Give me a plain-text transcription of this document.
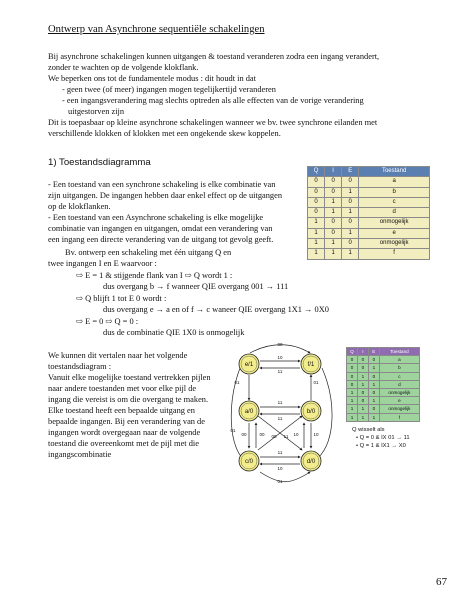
Ontwerp van Asynchrone sequentiële schakelingen
Bij asynchrone schakelingen kunnen uitgangen & toestand veranderen zodra een ingang verandert,
zonder te wachten op de volgende klokflank.
We beperken ons tot de fundamentele modus : dit houdt in dat
- geen twee (of meer) ingangen mogen tegelijkertijd veranderen
- een ingangsverandering mag slechts optreden als alle effecten van de vorige verandering
uitgestorven zijn
Dit is toepasbaar op kleine asynchrone schakelingen wanneer we bv. twee synchrone eilanden met
verschillende klokken of klokken met een ongekende skew koppelen.
1) Toestandsdiagramma
- Een toestand van een synchrone schakeling is elke combinatie van
zijn uitgangen. De ingangen hebben daar enkel effect op de uitgangen
op de klokflanken.
- Een toestand van een Asynchrone schakeling is elke mogelijke
combinatie van ingangen en uitgangen, omdat een verandering van
een ingang een directe verandering van de uitgang tot gevolg geeft.
Q	I	E	Toestand
0	0	0	a
0	0	1	b
0	1	0	c
0	1	1	d
1	0	0	onmogelijk
1	0	1	e
1	1	0	onmogelijk
1	1	1	f
Bv. ontwerp een schakeling met één uitgang Q en
twee ingangen I en E waarvoor :
⇨ E = 1 & stijgende flank van I ⇨ Q wordt 1 :
dus overgang b → f wanneer QIE overgang 001 → 111
⇨ Q blijft 1 tot E 0 wordt :
dus overgang e → a en of f → c waneer QIE overgang 1X1 → 0X0
⇨ E = 0 ⇨ Q = 0 :
dus de combinatie QIE 1X0 is onmogelijk
We kunnen dit vertalen naar het volgende
toestandsdiagram :
Vanuit elke mogelijke toestand vertrekken pijlen
naar andere toestanden met voor elke pijl de
ingang die vereist is om die overgang te maken.
Elke toestand heeft een bepaalde uitgang en
bepaalde ingangen. Bij een verandering van de
ingangen wordt overgegaan naar de volgende
toestand die overeenkomt met de pijl met die
ingangscombinatie
e/1	f/1
a/0	b/0
c/0	d/0
00
10
11
01	01
11
11
01
00	00	10	10
00 11
11
10
01
Q	I	E	Toestand
0	0	0	a
0	0	1	b
0	1	0	c
0	1	1	d
1	0	0	onmogelijk
1	0	1	e
1	1	0	onmogelijk
1	1	1	f
Q wisselt als
• Q = 0 & IX 01 → 11
• Q = 1 & IX1 → X0
67
